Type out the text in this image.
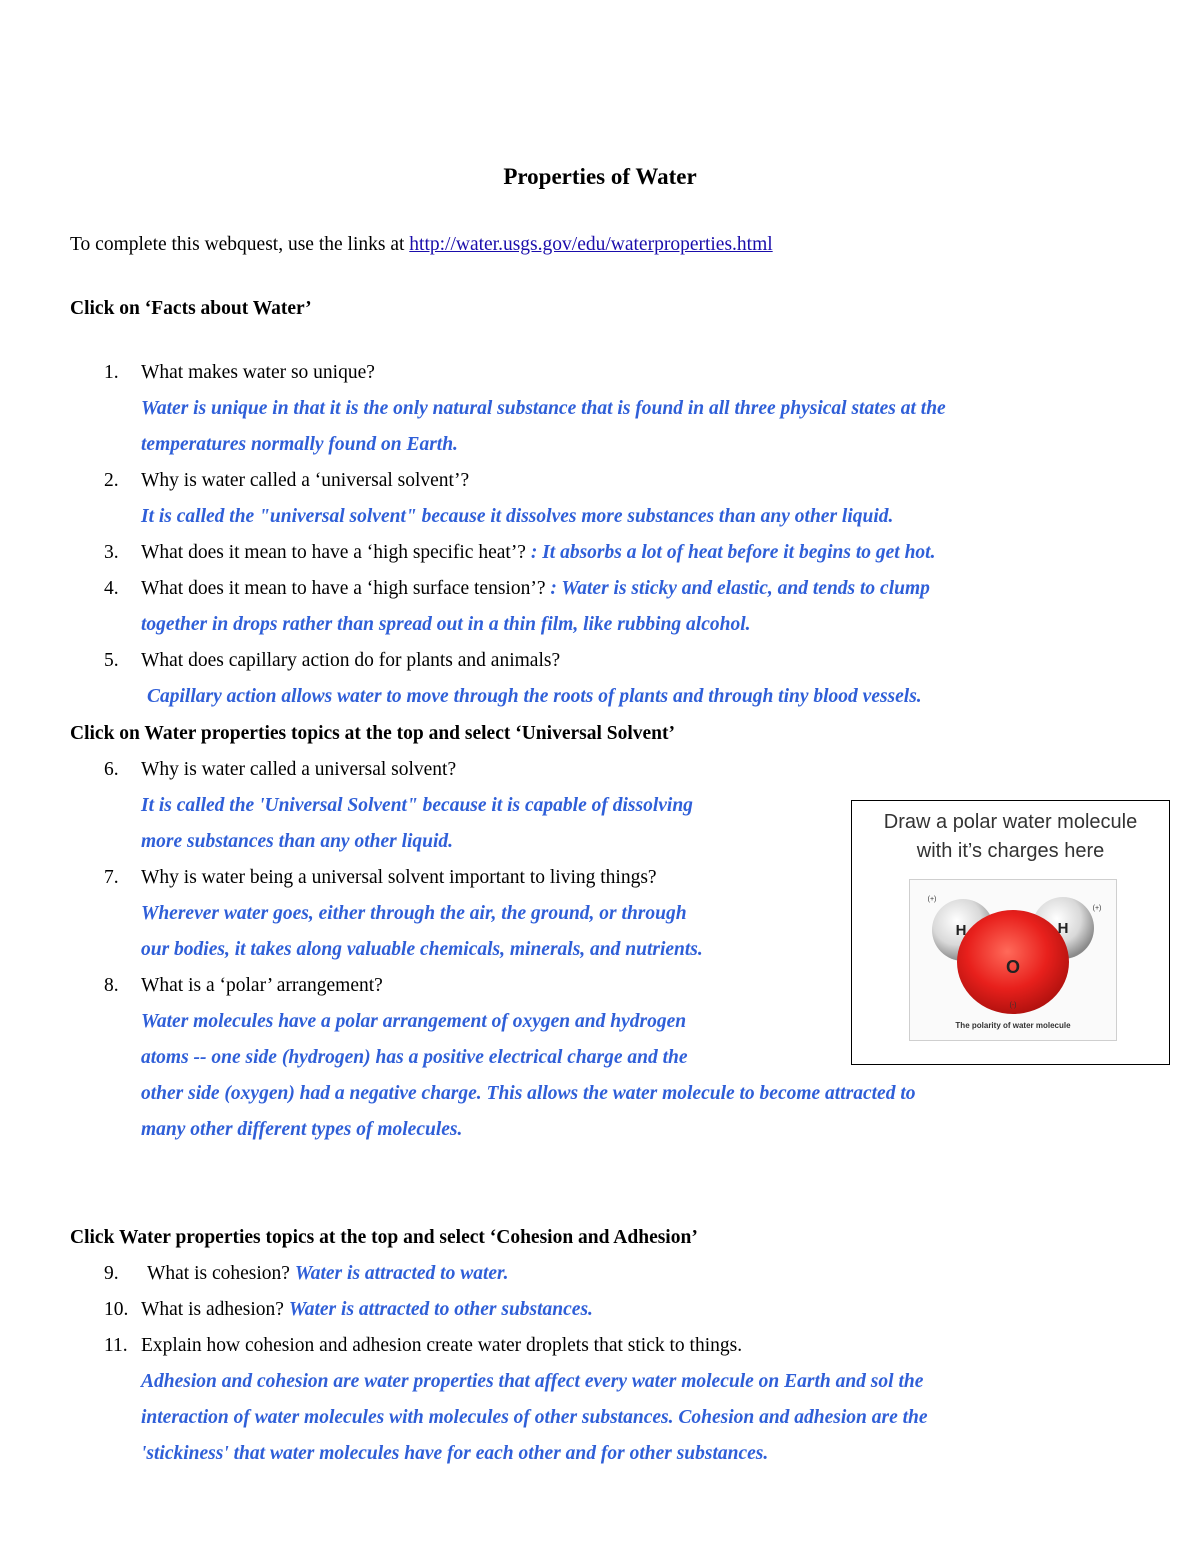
Properties of Water
To complete this webquest, use the links at http://water.usgs.gov/edu/waterproperties.html
Click on ‘Facts about Water’
1. What makes water so unique?
Water is unique in that it is the only natural substance that is found in all three physical states at the
temperatures normally found on Earth.
2. Why is water called a ‘universal solvent’?
It is called the "universal solvent" because it dissolves more substances than any other liquid.
3. What does it mean to have a ‘high specific heat’? : It absorbs a lot of heat before it begins to get hot.
4. What does it mean to have a ‘high surface tension’? : Water is sticky and elastic, and tends to clump
together in drops rather than spread out in a thin film, like rubbing alcohol.
5. What does capillary action do for plants and animals?
Capillary action allows water to move through the roots of plants and through tiny blood vessels.
Click on Water properties topics at the top and select ‘Universal Solvent’
6. Why is water called a universal solvent?
It is called the 'Universal Solvent" because it is capable of dissolving
more substances than any other liquid.
7. Why is water being a universal solvent important to living things?
Wherever water goes, either through the air, the ground, or through
our bodies, it takes along valuable chemicals, minerals, and nutrients.
8. What is a ‘polar’ arrangement?
Water molecules have a polar arrangement of oxygen and hydrogen
atoms -- one side (hydrogen) has a positive electrical charge and the
other side (oxygen) had a negative charge. This allows the water molecule to become attracted to
many other different types of molecules.
Draw a polar water molecule
with it’s charges here
H	H
O
(+)
(+)
(-)
The polarity of water molecule
Click Water properties topics at the top and select ‘Cohesion and Adhesion’
9. What is cohesion? Water is attracted to water.
10. What is adhesion? Water is attracted to other substances.
11. Explain how cohesion and adhesion create water droplets that stick to things.
Adhesion and cohesion are water properties that affect every water molecule on Earth and sol the
interaction of water molecules with molecules of other substances. Cohesion and adhesion are the
'stickiness' that water molecules have for each other and for other substances.
